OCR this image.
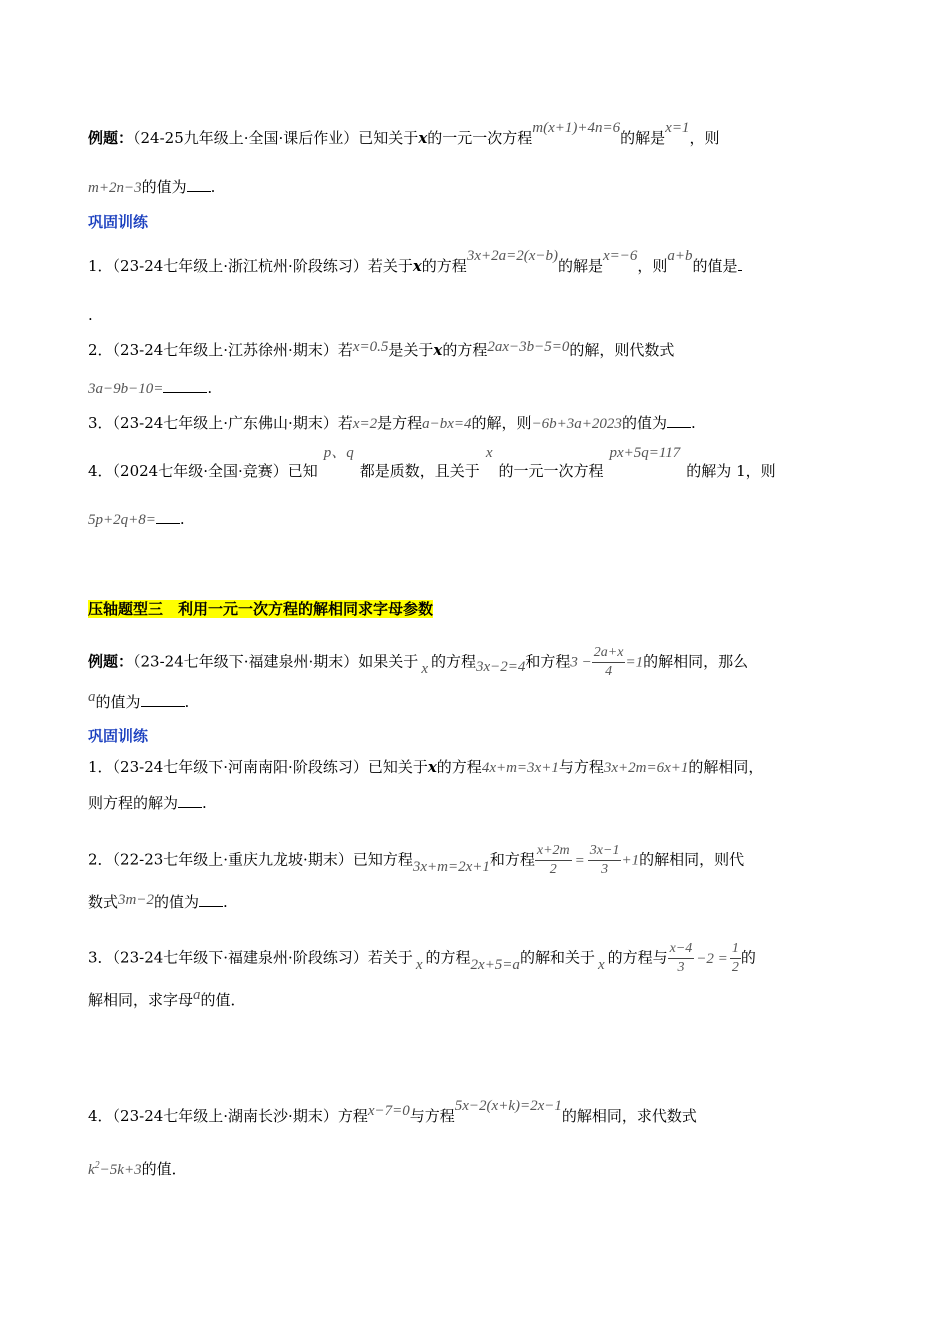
例题：（24-25九年级上·全国·课后作业）已知关于x的一元一次方程m(x+1)+4n=6的解是x=1，则
m+2n−3的值为 .
巩固训练
1．（23-24七年级上·浙江杭州·阶段练习）若关于x的方程3x+2a=2(x−b)的解是x=−6，则a+b的值是
.
2．（23-24七年级上·江苏徐州·期末）若x=0.5是关于x的方程2ax−3b−5=0的解，则代数式
3a−9b−10=	.
3．（23-24七年级上·广东佛山·期末）若x=2是方程a−bx=4的解，则−6b+3a+2023的值为 .
4．（2024七年级·全国·竞赛）已知p、q都是质数，且关于x的一元一次方程px+5q=117的解为 1，则
5p+2q+8= .
压轴题型三　利用一元一次方程的解相同求字母参数
例题：（23-24七年级下·福建泉州·期末）如果关于 x 的方程3x−2=4和方程$3 - \frac{2a+x}{4} =1$的解相同，那么
a的值为	.
巩固训练
1．（23-24七年级下·河南南阳·阶段练习）已知关于x的方程4x+m=3x+1与方程3x+2m=6x+1的解相同，
则方程的解为 .
2．（22-23七年级上·重庆九龙坡·期末）已知方程3x+m=2x+1和方程 $\frac{x+2m}{2} = \frac{3x-1}{3} +1$的解相同，则代
数式3m−2的值为 .
3．（23-24七年级下·福建泉州·阶段练习）若关于 x 的方程2x+5=a的解和关于 x 的方程与 $\frac{x-4}{3} -2 = \frac{1}{2}$ 的
解相同，求字母a的值．
4．（23-24七年级上·湖南长沙·期末）方程x−7=0与方程5x−2(x+k)=2x−1的解相同，求代数式
$k^2-5k+3$的值．
